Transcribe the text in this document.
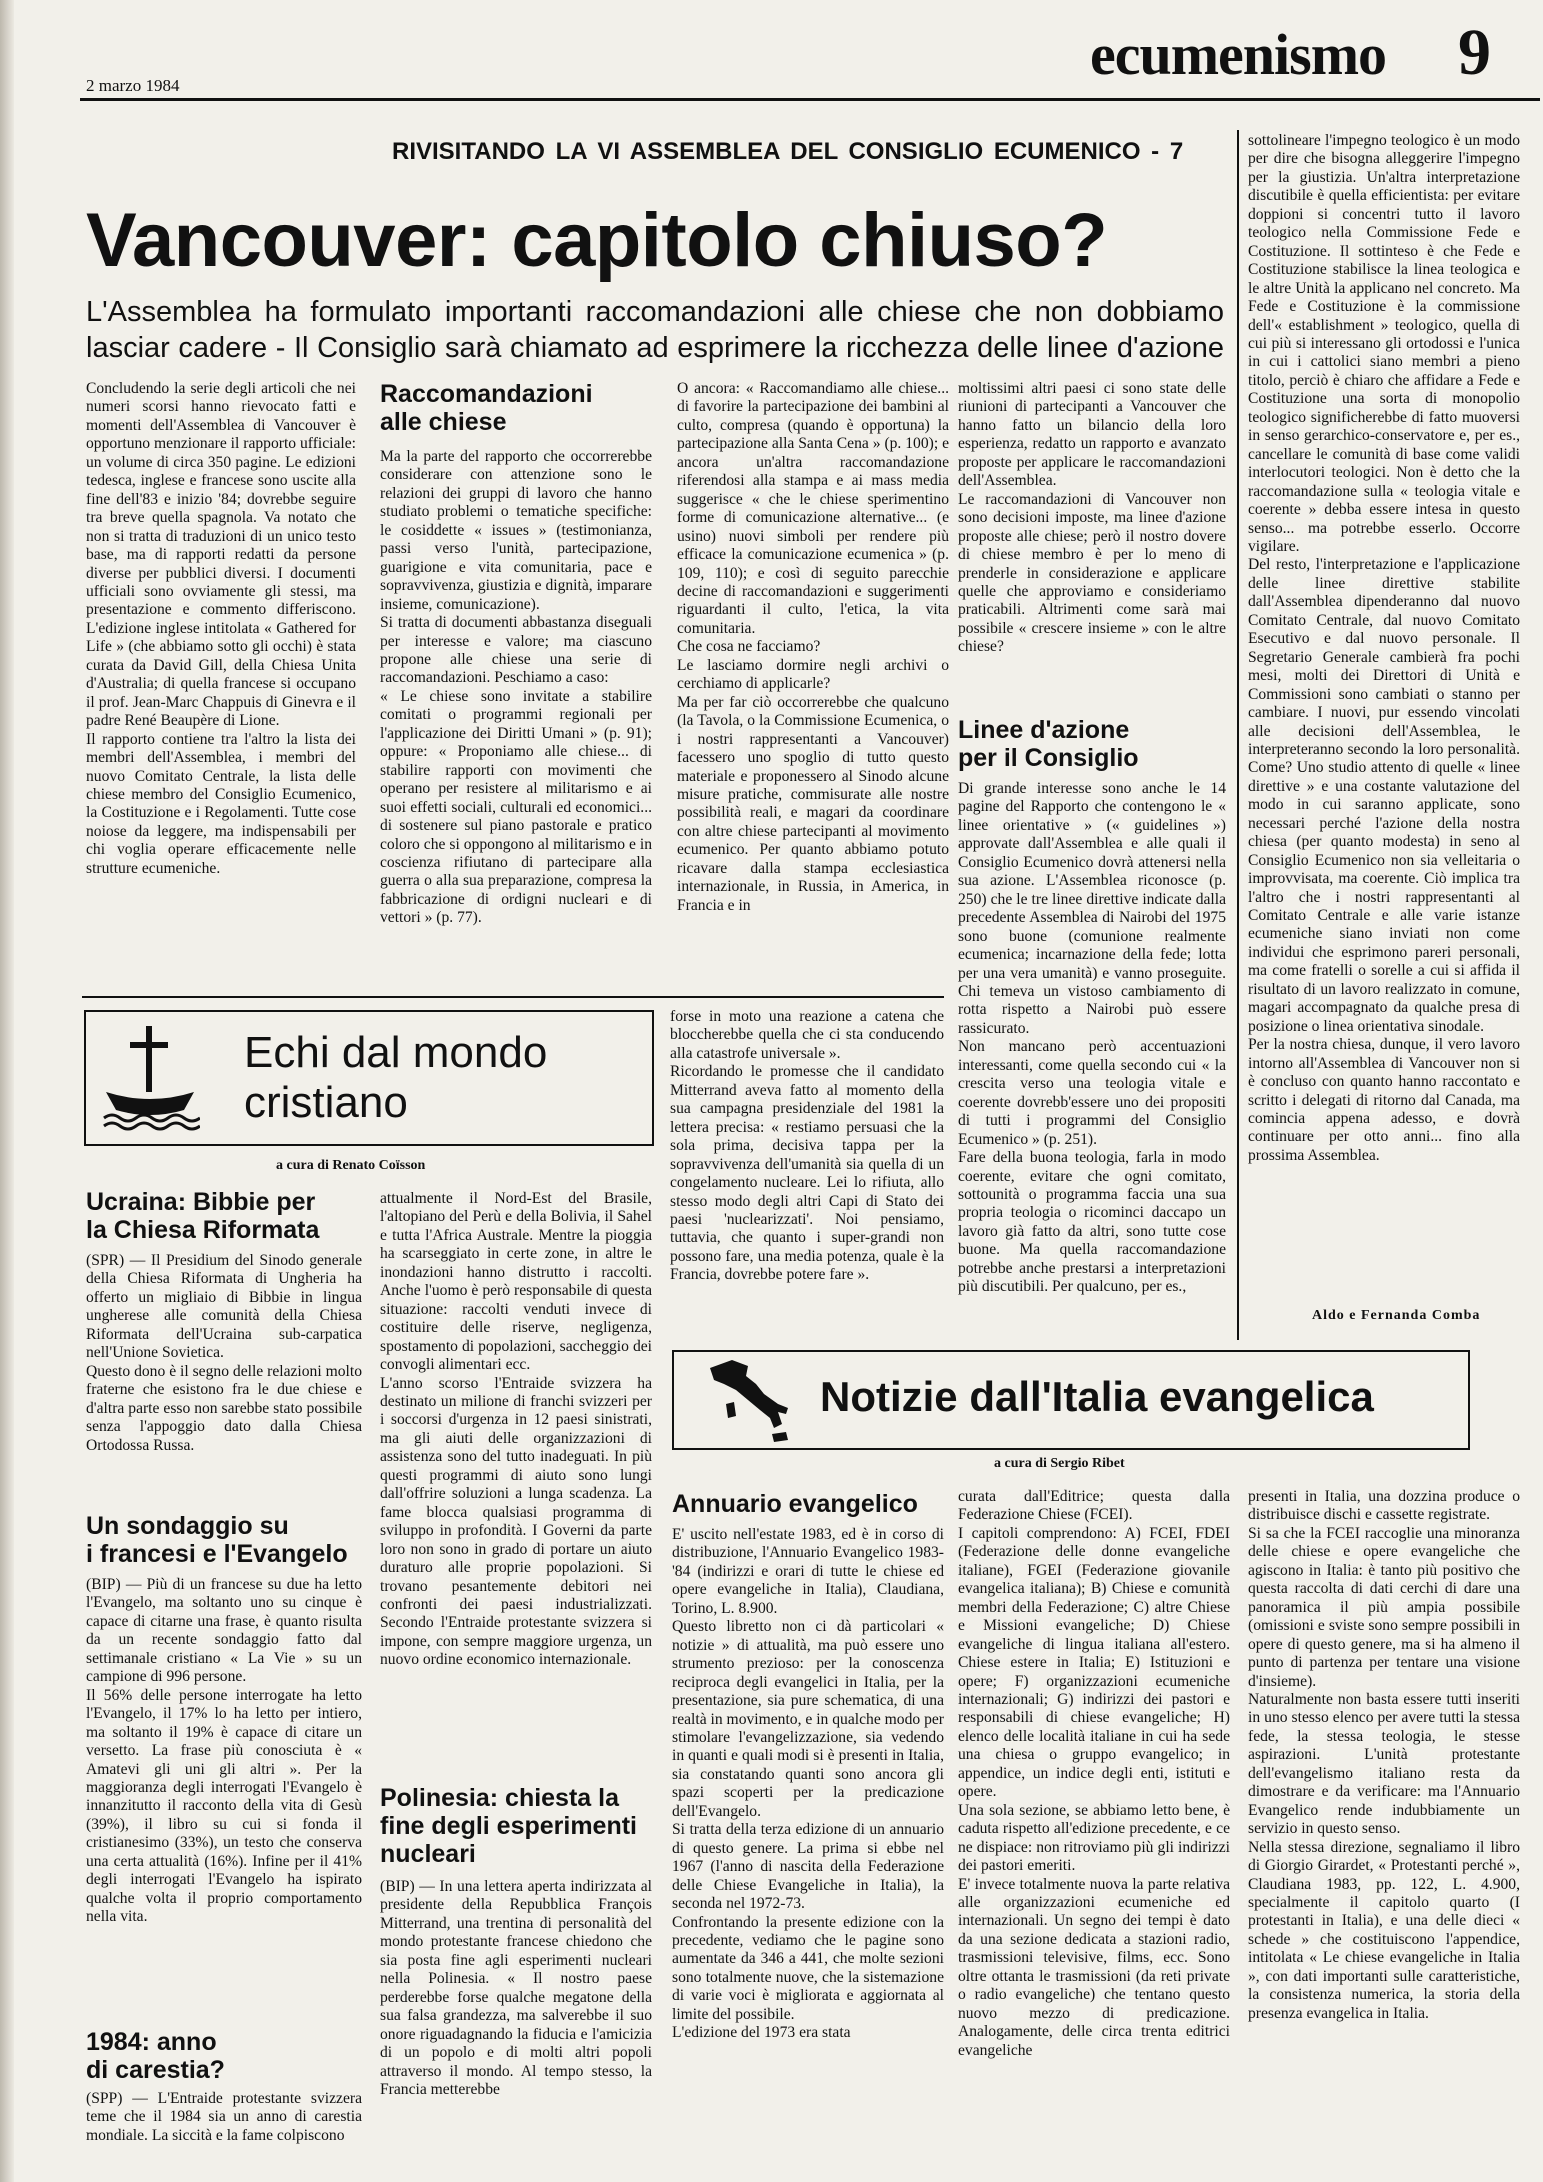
2 marzo 1984	ecumenismo 9
RIVISITANDO LA VI ASSEMBLEA DEL CONSIGLIO ECUMENICO - 7
Vancouver: capitolo chiuso?
L'Assemblea ha formulato importanti raccomandazioni alle chiese che non dobbiamo lasciar cadere - Il Consiglio sarà chiamato ad esprimere la ricchezza delle linee d'azione
Concludendo la serie degli articoli che nei numeri scorsi hanno rievocato fatti e momenti dell'Assemblea di Vancouver è opportuno menzionare il rapporto ufficiale: un volume di circa 350 pagine. Le edizioni tedesca, inglese e francese sono uscite alla fine dell'83 e inizio '84; dovrebbe seguire tra breve quella spagnola. Va notato che non si tratta di traduzioni di un unico testo base, ma di rapporti redatti da persone diverse per pubblici diversi. I documenti ufficiali sono ovviamente gli stessi, ma presentazione e commento differiscono. L'edizione inglese intitolata « Gathered for Life » (che abbiamo sotto gli occhi) è stata curata da David Gill, della Chiesa Unita d'Australia; di quella francese si occupano il prof. Jean-Marc Chappuis di Ginevra e il padre René Beaupère di Lione.
Il rapporto contiene tra l'altro la lista dei membri dell'Assemblea, i membri del nuovo Comitato Centrale, la lista delle chiese membro del Consiglio Ecumenico, la Costituzione e i Regolamenti. Tutte cose noiose da leggere, ma indispensabili per chi voglia operare efficacemente nelle strutture ecumeniche.
Raccomandazioni
alle chiese
Ma la parte del rapporto che occorrerebbe considerare con attenzione sono le relazioni dei gruppi di lavoro che hanno studiato problemi o tematiche specifiche: le cosiddette « issues » (testimonianza, passi verso l'unità, partecipazione, guarigione e vita comunitaria, pace e sopravvivenza, giustizia e dignità, imparare insieme, comunicazione).
Si tratta di documenti abbastanza diseguali per interesse e valore; ma ciascuno propone alle chiese una serie di raccomandazioni. Peschiamo a caso:
« Le chiese sono invitate a stabilire comitati o programmi regionali per l'applicazione dei Diritti Umani » (p. 91); oppure: « Proponiamo alle chiese... di stabilire rapporti con movimenti che operano per resistere al militarismo e ai suoi effetti sociali, culturali ed economici... di sostenere sul piano pastorale e pratico coloro che si oppongono al militarismo e in coscienza rifiutano di partecipare alla guerra o alla sua preparazione, compresa la fabbricazione di ordigni nucleari e di vettori » (p. 77).
O ancora: « Raccomandiamo alle chiese... di favorire la partecipazione dei bambini al culto, compresa (quando è opportuna) la partecipazione alla Santa Cena » (p. 100); e ancora un'altra raccomandazione riferendosi alla stampa e ai mass media suggerisce « che le chiese sperimentino forme di comunicazione alternative... (e usino) nuovi simboli per rendere più efficace la comunicazione ecumenica » (p. 109, 110); e così di seguito parecchie decine di raccomandazioni e suggerimenti riguardanti il culto, l'etica, la vita comunitaria.
Che cosa ne facciamo?
Le lasciamo dormire negli archivi o cerchiamo di applicarle?
Ma per far ciò occorrerebbe che qualcuno (la Tavola, o la Commissione Ecumenica, o i nostri rappresentanti a Vancouver) facessero uno spoglio di tutto questo materiale e proponessero al Sinodo alcune misure pratiche, commisurate alle nostre possibilità reali, e magari da coordinare con altre chiese partecipanti al movimento ecumenico. Per quanto abbiamo potuto ricavare dalla stampa ecclesiastica internazionale, in Russia, in America, in Francia e in
moltissimi altri paesi ci sono state delle riunioni di partecipanti a Vancouver che hanno fatto un bilancio della loro esperienza, redatto un rapporto e avanzato proposte per applicare le raccomandazioni dell'Assemblea.
Le raccomandazioni di Vancouver non sono decisioni imposte, ma linee d'azione proposte alle chiese; però il nostro dovere di chiese membro è per lo meno di prenderle in considerazione e applicare quelle che approviamo e consideriamo praticabili. Altrimenti come sarà mai possibile « crescere insieme » con le altre chiese?
Linee d'azione
per il Consiglio
Di grande interesse sono anche le 14 pagine del Rapporto che contengono le « linee orientative » (« guidelines ») approvate dall'Assemblea e alle quali il Consiglio Ecumenico dovrà attenersi nella sua azione. L'Assemblea riconosce (p. 250) che le tre linee direttive indicate dalla precedente Assemblea di Nairobi del 1975 sono buone (comunione realmente ecumenica; incarnazione della fede; lotta per una vera umanità) e vanno proseguite. Chi temeva un vistoso cambiamento di rotta rispetto a Nairobi può essere rassicurato.
Non mancano però accentuazioni interessanti, come quella secondo cui « la crescita verso una teologia vitale e coerente dovrebb'essere uno dei propositi di tutti i programmi del Consiglio Ecumenico » (p. 251).
Fare della buona teologia, farla in modo coerente, evitare che ogni comitato, sottounità o programma faccia una sua propria teologia o ricominci daccapo un lavoro già fatto da altri, sono tutte cose buone. Ma quella raccomandazione potrebbe anche prestarsi a interpretazioni più discutibili. Per qualcuno, per es.,
sottolineare l'impegno teologico è un modo per dire che bisogna alleggerire l'impegno per la giustizia. Un'altra interpretazione discutibile è quella efficientista: per evitare doppioni si concentri tutto il lavoro teologico nella Commissione Fede e Costituzione. Il sottinteso è che Fede e Costituzione stabilisce la linea teologica e le altre Unità la applicano nel concreto. Ma Fede e Costituzione è la commissione dell'« establishment » teologico, quella di cui più si interessano gli ortodossi e l'unica in cui i cattolici siano membri a pieno titolo, perciò è chiaro che affidare a Fede e Costituzione una sorta di monopolio teologico significherebbe di fatto muoversi in senso gerarchico-conservatore e, per es., cancellare le comunità di base come validi interlocutori teologici. Non è detto che la raccomandazione sulla « teologia vitale e coerente » debba essere intesa in questo senso... ma potrebbe esserlo. Occorre vigilare.
Del resto, l'interpretazione e l'applicazione delle linee direttive stabilite dall'Assemblea dipenderanno dal nuovo Comitato Centrale, dal nuovo Comitato Esecutivo e dal nuovo personale. Il Segretario Generale cambierà fra pochi mesi, molti dei Direttori di Unità e Commissioni sono cambiati o stanno per cambiare. I nuovi, pur essendo vincolati alle decisioni dell'Assemblea, le interpreteranno secondo la loro personalità. Come? Uno studio attento di quelle « linee direttive » e una costante valutazione del modo in cui saranno applicate, sono necessari perché l'azione della nostra chiesa (per quanto modesta) in seno al Consiglio Ecumenico non sia velleitaria o improvvisata, ma coerente. Ciò implica tra l'altro che i nostri rappresentanti al Comitato Centrale e alle varie istanze ecumeniche siano inviati non come individui che esprimono pareri personali, ma come fratelli o sorelle a cui si affida il risultato di un lavoro realizzato in comune, magari accompagnato da qualche presa di posizione o linea orientativa sinodale.
Per la nostra chiesa, dunque, il vero lavoro intorno all'Assemblea di Vancouver non si è concluso con quanto hanno raccontato e scritto i delegati di ritorno dal Canada, ma comincia appena adesso, e dovrà continuare per otto anni... fino alla prossima Assemblea.
Aldo e Fernanda Comba
Echi dal mondo
cristiano
a cura di Renato Coïsson
Ucraina: Bibbie per
la Chiesa Riformata
(SPR) — Il Presidium del Sinodo generale della Chiesa Riformata di Ungheria ha offerto un migliaio di Bibbie in lingua ungherese alle comunità della Chiesa Riformata dell'Ucraina sub-carpatica nell'Unione Sovietica.
Questo dono è il segno delle relazioni molto fraterne che esistono fra le due chiese e d'altra parte esso non sarebbe stato possibile senza l'appoggio dato dalla Chiesa Ortodossa Russa.
Un sondaggio su
i francesi e l'Evangelo
(BIP) — Più di un francese su due ha letto l'Evangelo, ma soltanto uno su cinque è capace di citarne una frase, è quanto risulta da un recente sondaggio fatto dal settimanale cristiano « La Vie » su un campione di 996 persone.
Il 56% delle persone interrogate ha letto l'Evangelo, il 17% lo ha letto per intiero, ma soltanto il 19% è capace di citare un versetto. La frase più conosciuta è « Amatevi gli uni gli altri ». Per la maggioranza degli interrogati l'Evangelo è innanzitutto il racconto della vita di Gesù (39%), il libro su cui si fonda il cristianesimo (33%), un testo che conserva una certa attualità (16%). Infine per il 41% degli interrogati l'Evangelo ha ispirato qualche volta il proprio comportamento nella vita.
1984: anno
di carestia?
(SPP) — L'Entraide protestante svizzera teme che il 1984 sia un anno di carestia mondiale. La siccità e la fame colpiscono
attualmente il Nord-Est del Brasile, l'altopiano del Perù e della Bolivia, il Sahel e tutta l'Africa Australe. Mentre la pioggia ha scarseggiato in certe zone, in altre le inondazioni hanno distrutto i raccolti. Anche l'uomo è però responsabile di questa situazione: raccolti venduti invece di costituire delle riserve, negligenza, spostamento di popolazioni, saccheggio dei convogli alimentari ecc.
L'anno scorso l'Entraide svizzera ha destinato un milione di franchi svizzeri per i soccorsi d'urgenza in 12 paesi sinistrati, ma gli aiuti delle organizzazioni di assistenza sono del tutto inadeguati. In più questi programmi di aiuto sono lungi dall'offrire soluzioni a lunga scadenza. La fame blocca qualsiasi programma di sviluppo in profondità. I Governi da parte loro non sono in grado di portare un aiuto duraturo alle proprie popolazioni. Si trovano pesantemente debitori nei confronti dei paesi industrializzati. Secondo l'Entraide protestante svizzera si impone, con sempre maggiore urgenza, un nuovo ordine economico internazionale.
Polinesia: chiesta la
fine degli esperimenti
nucleari
(BIP) — In una lettera aperta indirizzata al presidente della Repubblica François Mitterrand, una trentina di personalità del mondo protestante francese chiedono che sia posta fine agli esperimenti nucleari nella Polinesia. « Il nostro paese perderebbe forse qualche megatone della sua falsa grandezza, ma salverebbe il suo onore riguadagnando la fiducia e l'amicizia di un popolo e di molti altri popoli attraverso il mondo. Al tempo stesso, la Francia metterebbe
forse in moto una reazione a catena che bloccherebbe quella che ci sta conducendo alla catastrofe universale ».
Ricordando le promesse che il candidato Mitterrand aveva fatto al momento della sua campagna presidenziale del 1981 la lettera precisa: « restiamo persuasi che la sola prima, decisiva tappa per la sopravvivenza dell'umanità sia quella di un congelamento nucleare. Lei lo rifiuta, allo stesso modo degli altri Capi di Stato dei paesi 'nuclearizzati'. Noi pensiamo, tuttavia, che quanto i super-grandi non possono fare, una media potenza, quale è la Francia, dovrebbe potere fare ».
Notizie dall'Italia evangelica
a cura di Sergio Ribet
Annuario evangelico
E' uscito nell'estate 1983, ed è in corso di distribuzione, l'Annuario Evangelico 1983-'84 (indirizzi e orari di tutte le chiese ed opere evangeliche in Italia), Claudiana, Torino, L. 8.900.
Questo libretto non ci dà particolari « notizie » di attualità, ma può essere uno strumento prezioso: per la conoscenza reciproca degli evangelici in Italia, per la presentazione, sia pure schematica, di una realtà in movimento, e in qualche modo per stimolare l'evangelizzazione, sia vedendo in quanti e quali modi si è presenti in Italia, sia constatando quanti sono ancora gli spazi scoperti per la predicazione dell'Evangelo.
Si tratta della terza edizione di un annuario di questo genere. La prima si ebbe nel 1967 (l'anno di nascita della Federazione delle Chiese Evangeliche in Italia), la seconda nel 1972-73.
Confrontando la presente edizione con la precedente, vediamo che le pagine sono aumentate da 346 a 441, che molte sezioni sono totalmente nuove, che la sistemazione di varie voci è migliorata e aggiornata al limite del possibile.
L'edizione del 1973 era stata
curata dall'Editrice; questa dalla Federazione Chiese (FCEI).
I capitoli comprendono: A) FCEI, FDEI (Federazione delle donne evangeliche italiane), FGEI (Federazione giovanile evangelica italiana); B) Chiese e comunità membri della Federazione; C) altre Chiese e Missioni evangeliche; D) Chiese evangeliche di lingua italiana all'estero. Chiese estere in Italia; E) Istituzioni e opere; F) organizzazioni ecumeniche internazionali; G) indirizzi dei pastori e responsabili di chiese evangeliche; H) elenco delle località italiane in cui ha sede una chiesa o gruppo evangelico; in appendice, un indice degli enti, istituti e opere.
Una sola sezione, se abbiamo letto bene, è caduta rispetto all'edizione precedente, e ce ne dispiace: non ritroviamo più gli indirizzi dei pastori emeriti.
E' invece totalmente nuova la parte relativa alle organizzazioni ecumeniche ed internazionali. Un segno dei tempi è dato da una sezione dedicata a stazioni radio, trasmissioni televisive, films, ecc. Sono oltre ottanta le trasmissioni (da reti private o radio evangeliche) che tentano questo nuovo mezzo di predicazione. Analogamente, delle circa trenta editrici evangeliche
presenti in Italia, una dozzina produce o distribuisce dischi e cassette registrate.
Si sa che la FCEI raccoglie una minoranza delle chiese e opere evangeliche che agiscono in Italia: è tanto più positivo che questa raccolta di dati cerchi di dare una panoramica il più ampia possibile (omissioni e sviste sono sempre possibili in opere di questo genere, ma si ha almeno il punto di partenza per tentare una visione d'insieme).
Naturalmente non basta essere tutti inseriti in uno stesso elenco per avere tutti la stessa fede, la stessa teologia, le stesse aspirazioni. L'unità protestante dell'evangelismo italiano resta da dimostrare e da verificare: ma l'Annuario Evangelico rende indubbiamente un servizio in questo senso.
Nella stessa direzione, segnaliamo il libro di Giorgio Girardet, « Protestanti perché », Claudiana 1983, pp. 122, L. 4.900, specialmente il capitolo quarto (I protestanti in Italia), e una delle dieci « schede » che costituiscono l'appendice, intitolata « Le chiese evangeliche in Italia », con dati importanti sulle caratteristiche, la consistenza numerica, la storia della presenza evangelica in Italia.
